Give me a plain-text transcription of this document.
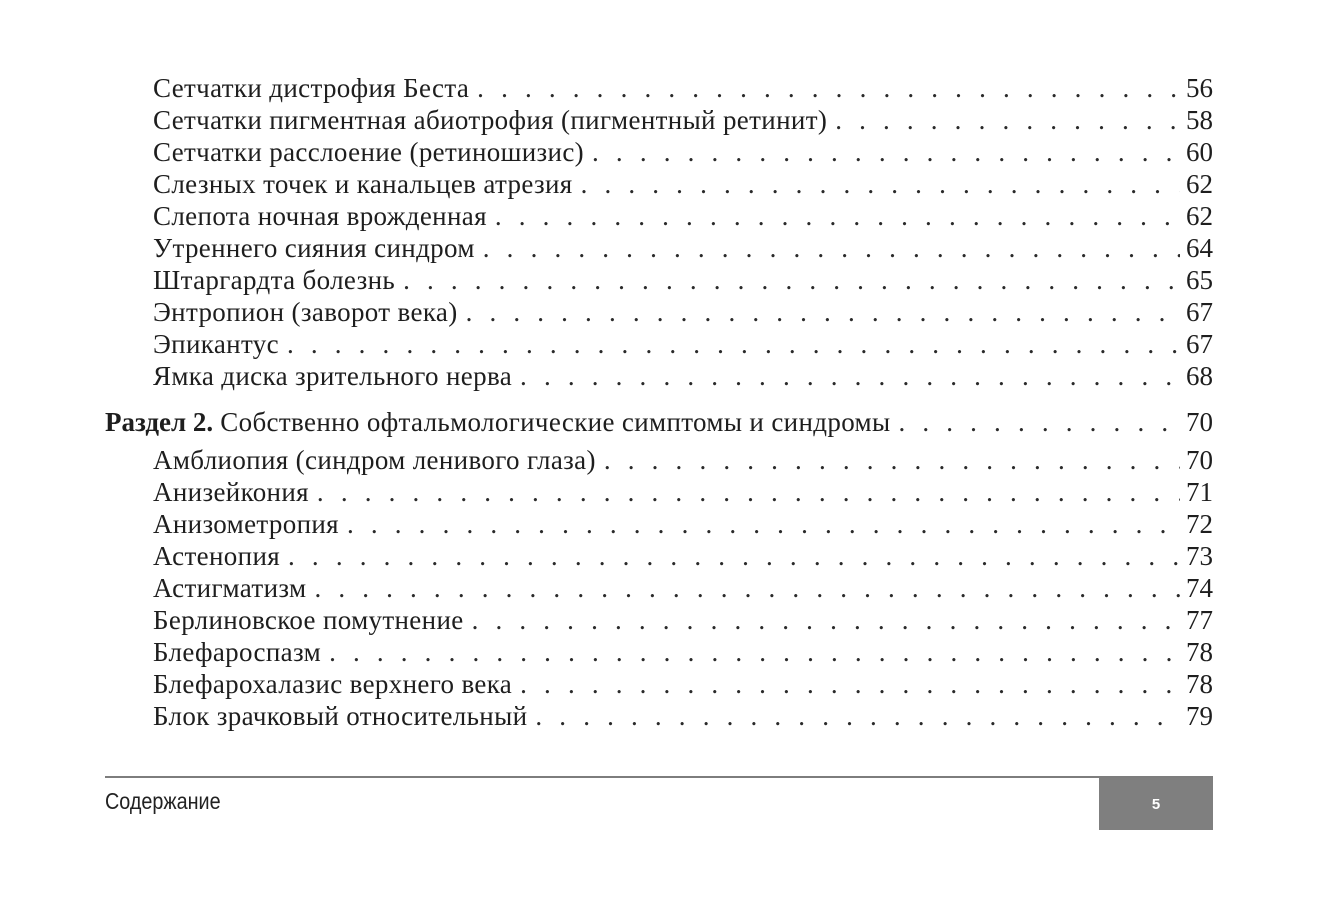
Сетчатки дистрофия Беста . . .	56
Сетчатки пигментная абиотрофия (пигментный ретинит) . . .	58
Сетчатки расслоение (ретиношизис) . . .	60
Слезных точек и канальцев атрезия . . .	62
Слепота ночная врожденная . . .	62
Утреннего сияния синдром . . .	64
Штаргардта болезнь . . .	65
Энтропион (заворот века) . . .	67
Эпикантус . . .	67
Ямка диска зрительного нерва . . .	68
Раздел 2. Собственно офтальмологические симптомы и синдромы . . .	70
Амблиопия (синдром ленивого глаза) . . .	70
Анизейкония . . .	71
Анизометропия . . .	72
Астенопия . . .	73
Астигматизм . . .	74
Берлиновское помутнение . . .	77
Блефароспазм . . .	78
Блефарохалазис верхнего века . . .	78
Блок зрачковый относительный . . .	79
Содержание	5
